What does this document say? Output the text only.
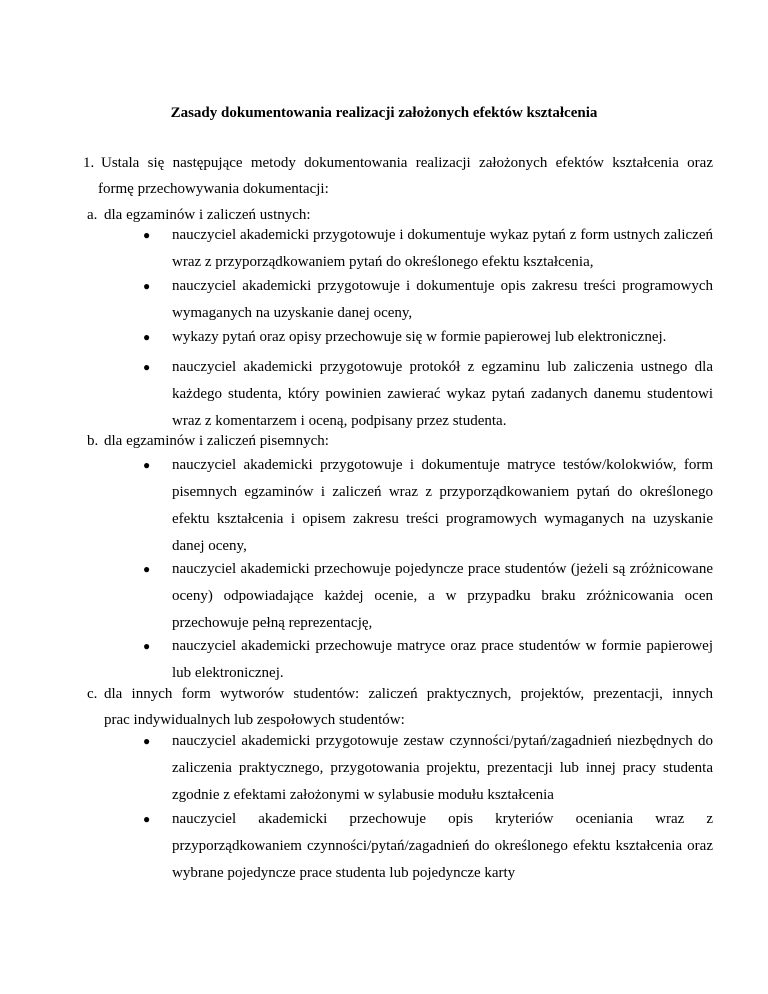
Zasady dokumentowania realizacji założonych efektów kształcenia
1. Ustala się następujące metody dokumentowania realizacji założonych efektów kształcenia oraz
formę przechowywania dokumentacji:
a. dla egzaminów i zaliczeń ustnych:
● nauczyciel akademicki przygotowuje i dokumentuje wykaz pytań z form ustnych zaliczeń wraz z przyporządkowaniem pytań do określonego efektu kształcenia,
● nauczyciel akademicki przygotowuje i dokumentuje opis zakresu treści programowych wymaganych na uzyskanie danej oceny,
● wykazy pytań oraz opisy przechowuje się w formie papierowej lub elektronicznej.
● nauczyciel akademicki przygotowuje protokół z egzaminu lub zaliczenia ustnego dla każdego studenta, który powinien zawierać wykaz pytań zadanych danemu studentowi wraz z komentarzem i oceną, podpisany przez studenta.
b. dla egzaminów i zaliczeń pisemnych:
● nauczyciel akademicki przygotowuje i dokumentuje matryce testów/kolokwiów, form pisemnych egzaminów i zaliczeń wraz z przyporządkowaniem pytań do określonego efektu kształcenia i opisem zakresu treści programowych wymaganych na uzyskanie danej oceny,
● nauczyciel akademicki przechowuje pojedyncze prace studentów (jeżeli są zróżnicowane oceny) odpowiadające każdej ocenie, a w przypadku braku zróżnicowania ocen przechowuje pełną reprezentację,
● nauczyciel akademicki przechowuje matryce oraz prace studentów w formie papierowej lub elektronicznej.
c. dla innych form wytworów studentów: zaliczeń praktycznych, projektów, prezentacji, innych
prac indywidualnych lub zespołowych studentów:
● nauczyciel akademicki przygotowuje zestaw czynności/pytań/zagadnień niezbędnych do zaliczenia praktycznego, przygotowania projektu, prezentacji lub innej pracy studenta zgodnie z efektami założonymi w sylabusie modułu kształcenia
● nauczyciel akademicki przechowuje opis kryteriów oceniania wraz z przyporządkowaniem czynności/pytań/zagadnień do określonego efektu kształcenia oraz wybrane pojedyncze prace studenta lub pojedyncze karty
